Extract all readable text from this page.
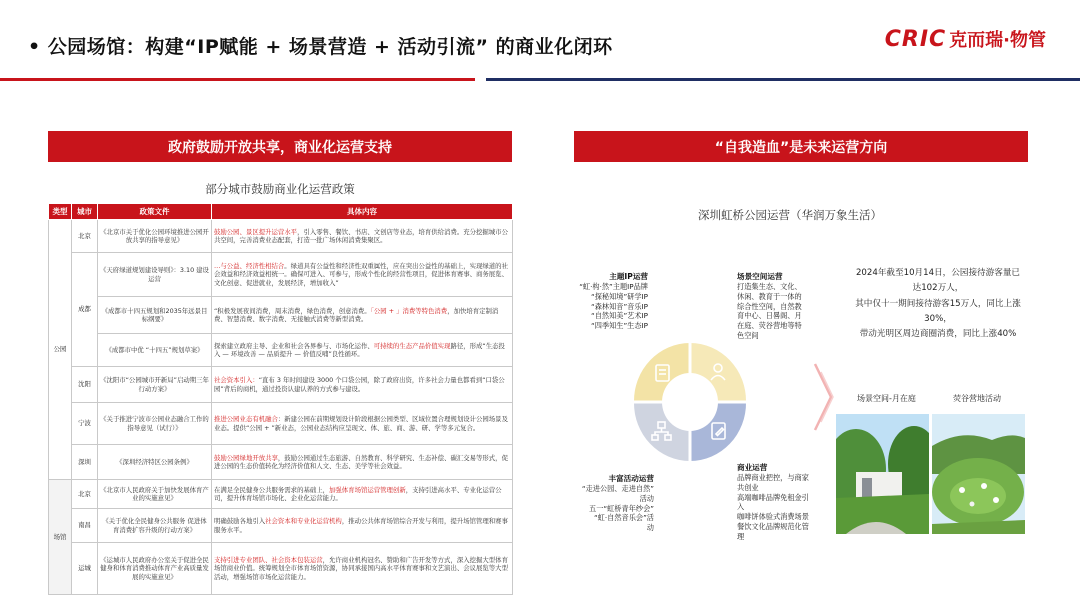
• 公园场馆：构建“IP赋能 + 场景营造 + 活动引流” 的商业化闭环	CRIC 克而瑞·物管
政府鼓励开放共享，商业化运营支持
部分城市鼓励商业化运营政策
类型	城市	政策文件	具体内容
公园	北京	《北京市关于优化公园环境推进公园开放共享的指导意见》	鼓励公园、景区提升运营水平，引入零售、餐饮、书店、文创店等业态，培育供给消费。充分挖掘城市公共空间，完善消费业态配套，打造一批广场休闲消费集聚区。
	成都	《天府绿道规划建设导则》：3.10 建设运营	…与公益、经济性相结合。绿道具有公益性和经济性双重属性，应在突出公益性的基础上，实现绿道的社会效益和经济效益相统一。确保可进入、可参与，形成个性化的经营性项目，促进体育赛事、商务展览、文化创意、促进就业，发展经济，增加收入”
		《成都市十四五规划和2035年远景目标纲要》	“积极发展夜间消费，周末消费，绿色消费，创意消费。「公园 + 」消费等特色消费，加快培育定制消费、智慧消费、数字消费、无接触式消费等新型消费。
		《成都市中优 “十四五”规划草案》	探索建立政府主导、企业和社会各界参与、市场化运作、可持续的生态产品价值实现路径，形成“生态投入 — 环境改善 — 品质提升 — 价值反哺”良性循环。
	沈阳	《沈阳市“公园城市开新局”启动期三年行动方案》	社会资本引入：“直布 3 年时间建设 3000 个口袋公园，除了政府出资，许多社会力量也都看到“口袋公园”背后的商机，通过投资认建认养的方式参与建设。
	宁波	《关于推进宁波市公园业态融合工作的指导意见（试行）》	推进公园业态有机融合：新建公园在前期规划设计阶段根据公园类型、区域位置合理规划设计公园场景及业态。提供“公园 + ”新业态，公园业态结构应呈现文、体、旅、商、游、研、学等多元复合。
	深圳	《深圳经济特区公园条例》	鼓励公园绿地开放共享，鼓励公园通过生态旅游、自然教育、科学研究、生态补偿、碳汇交易等形式，促进公园的生态价值转化为经济价值和人文、生态、美学等社会效益。
场馆	北京	《北京市人民政府关于加快发展体育产业的实施意见》	在满足全民健身公共服务需求的基础上，加强体育场馆运营管理创新，支持引进高水平、专业化运营公司，提升体育场馆市场化、企业化运营能力。
	南昌	《关于优化全民健身公共服务 促进体育消费扩容升级的行动方案》	明确鼓励各地引入社会资本和专业化运营机构，推动公共体育场馆综合开发与利用，提升场馆管理和赛事服务水平。
	运城	《运城市人民政府办公室关于促进全民健身和体育消费推动体育产业高质量发展的实施意见》	支持引进专业团队、社会资本包装运营，允许商业机构冠名、赞助和广告开发等方式，深入挖掘大型体育场馆商业价值。统筹规划全市体育场馆资源，协同承接国内高水平体育赛事和文艺演出、会议展览等大型活动，增强场馆市场化运营能力。
“自我造血”是未来运营方向
深圳虹桥公园运营（华润万象生活）
主题IP运营
“虹·构·然”主题IP品牌
“探秘知境”研学IP
“森林知音”音乐IP
“自然知美”艺术IP
“四季知生”生态IP
场景空间运营
打造集生态、文化、
休闲、教育于一体的
综合性空间，自然教
育中心、日晷阁、月
在庭、荧谷营地等特
色空间
丰富活动运营
“走进公园、走进自然”
活动
五一“虹桥青年纱会”
“虹·自然音乐会”活
动
商业运营
品牌商业把控，与商家
共创业
高端咖啡品牌免租金引
入
咖啡饼体验式消费场景
餐饮文化品牌规范化管
理
2024年截至10月14日，公园接待游客量已
达102万人，
其中仅十一期间接待游客15万人，同比上涨
30%，
带动光明区周边商圈消费，同比上涨40%
场景空间-月在庭	荧谷营地活动
